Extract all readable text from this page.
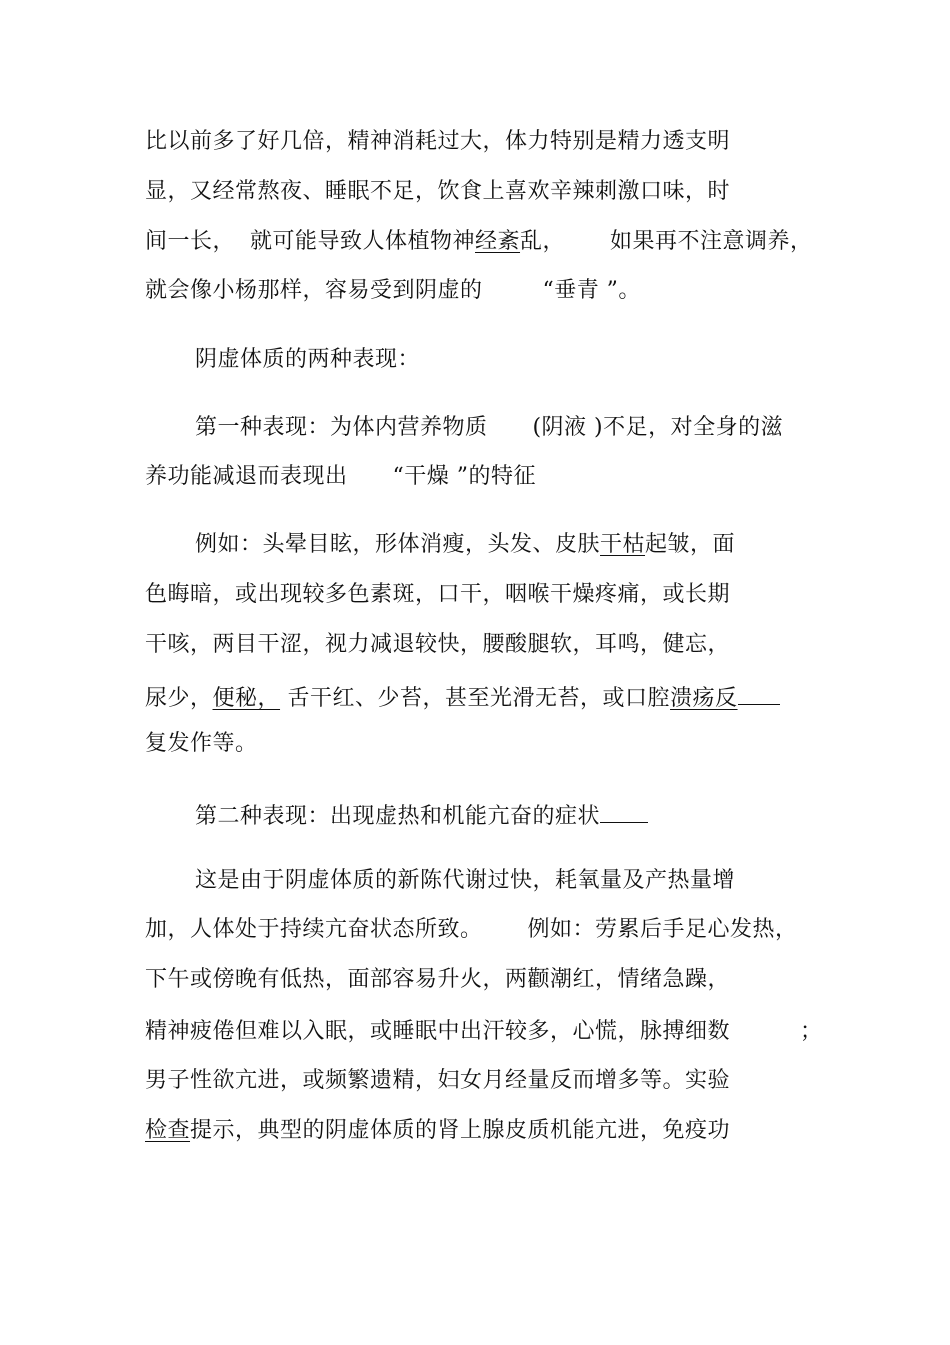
比以前多了好几倍，精神消耗过大，体力特别是精力透支明
显，又经常熬夜、睡眠不足，饮食上喜欢辛辣刺激口味，时
间一长，  就可能导致人体植物神经紊乱，      如果再不注意调养，
就会像小杨那样，容易受到阴虚的        “垂青 ”。
阴虚体质的两种表现：
第一种表现：为体内营养物质      (阴液 )不足，对全身的滋
养功能减退而表现出      “干燥 ”的特征
例如：头晕目眩，形体消瘦，头发、皮肤干枯起皱，面
色晦暗，或出现较多色素斑，口干，咽喉干燥疼痛，或长期
干咳，两目干涩，视力减退较快，腰酸腿软，耳鸣，健忘，
尿少，便秘， 舌干红、少苔，甚至光滑无苔，或口腔溃疡反
复发作等。
第二种表现：出现虚热和机能亢奋的症状
这是由于阴虚体质的新陈代谢过快，耗氧量及产热量增
加，人体处于持续亢奋状态所致。      例如：劳累后手足心发热，
下午或傍晚有低热，面部容易升火，两颧潮红，情绪急躁，
精神疲倦但难以入眠，或睡眠中出汗较多，心慌，脉搏细数	；
男子性欲亢进，或频繁遗精，妇女月经量反而增多等。实验
检查提示，典型的阴虚体质的肾上腺皮质机能亢进，免疫功
